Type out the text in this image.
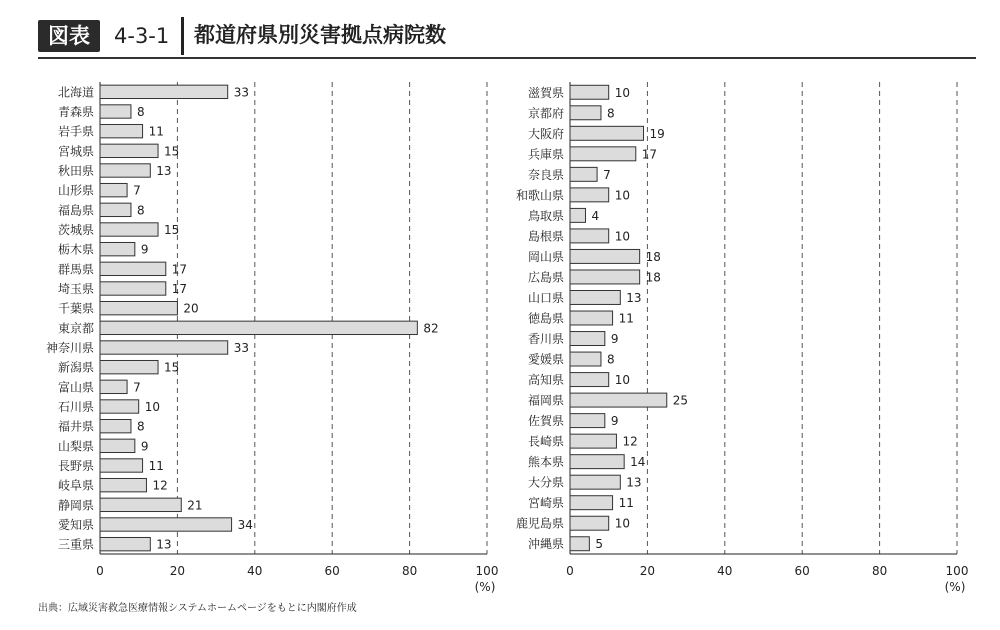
図表	4-3-1 都道府県別災害拠点病院数
北海道	33
青森県	8
岩手県	11
宮城県	15
秋田県	13
山形県	7
福島県	8
茨城県	15
栃木県	9
群馬県	17
埼玉県	17
千葉県	20
東京都	82
神奈川県	33
新潟県	15
富山県	7
石川県	10
福井県	8
山梨県	9
長野県	11
岐阜県	12
静岡県	21
愛知県	34
三重県	13
0	20	40	60	80	100
(%)
滋賀県	10
京都府	8
大阪府	19
兵庫県	17
奈良県	7
和歌山県	10
鳥取県 4
島根県	10
岡山県	18
広島県	18
山口県	13
徳島県	11
香川県	9
愛媛県	8
高知県	10
福岡県	25
佐賀県	9
長崎県	12
熊本県	14
大分県	13
宮崎県	11
鹿児島県	10
沖縄県	5
0	20	40	60	80	100
(%)
出典：広域災害救急医療情報システムホームページをもとに内閣府作成
